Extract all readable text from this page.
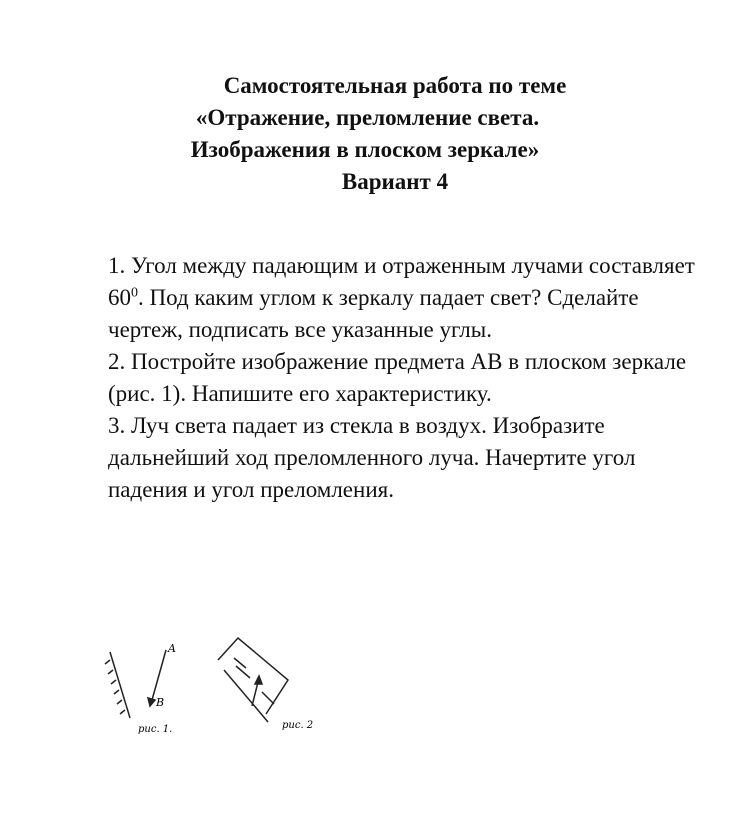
Самостоятельная работа по теме
«Отражение, преломление света.
Изображения в плоском зеркале»
Вариант 4

1. Угол между падающим и отраженным лучами составляет $60^0$. Под каким углом к зеркалу падает свет? Сделайте чертеж, подписать все указанные углы.

2. Постройте изображение предмета АВ в плоском зеркале

(рис. 1). Напишите его характеристику.

3. Луч света падает из стекла в воздух. Изобразите дальнейший ход преломленного луча. Начертите угол падения и угол преломления.

A
B
рис. 1.	рис. 2
